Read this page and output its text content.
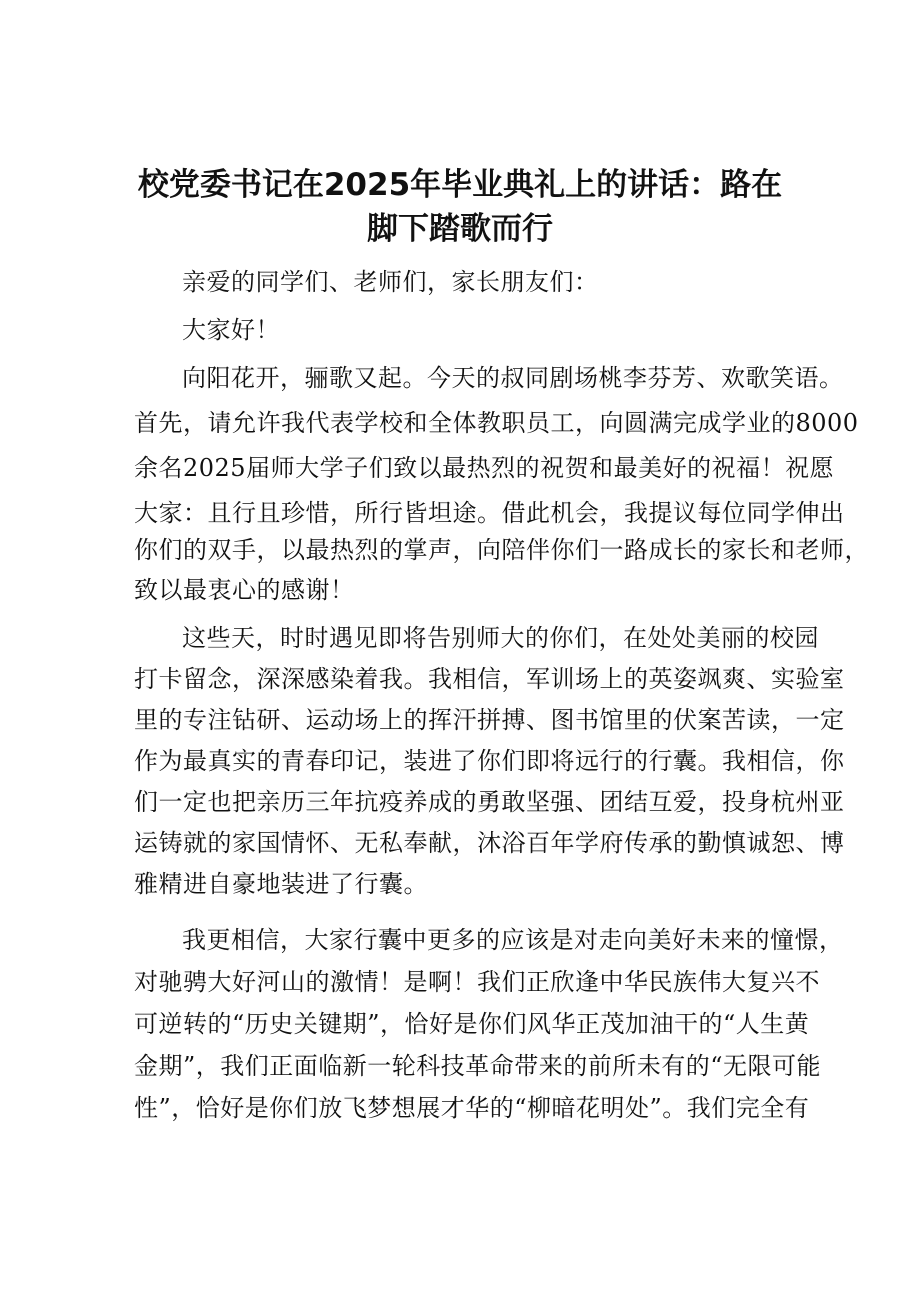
校党委书记在2025年毕业典礼上的讲话：路在
脚下踏歌而行

亲爱的同学们、老师们，家长朋友们：

大家好！

向阳花开，骊歌又起。今天的叔同剧场桃李芬芳、欢歌笑语。

首先，请允许我代表学校和全体教职员工，向圆满完成学业的8000

余名2025届师大学子们致以最热烈的祝贺和最美好的祝福！祝愿

大家：且行且珍惜，所行皆坦途。借此机会，我提议每位同学伸出

你们的双手，以最热烈的掌声，向陪伴你们一路成长的家长和老师，

致以最衷心的感谢！

这些天，时时遇见即将告别师大的你们，在处处美丽的校园

打卡留念，深深感染着我。我相信，军训场上的英姿飒爽、实验室

里的专注钻研、运动场上的挥汗拼搏、图书馆里的伏案苦读，一定

作为最真实的青春印记，装进了你们即将远行的行囊。我相信，你

们一定也把亲历三年抗疫养成的勇敢坚强、团结互爱，投身杭州亚

运铸就的家国情怀、无私奉献，沐浴百年学府传承的勤慎诚恕、博

雅精进自豪地装进了行囊。

我更相信，大家行囊中更多的应该是对走向美好未来的憧憬，

对驰骋大好河山的激情！是啊！我们正欣逢中华民族伟大复兴不

可逆转的“历史关键期”，恰好是你们风华正茂加油干的“人生黄

金期”，我们正面临新一轮科技革命带来的前所未有的“无限可能

性”，恰好是你们放飞梦想展才华的“柳暗花明处”。我们完全有
